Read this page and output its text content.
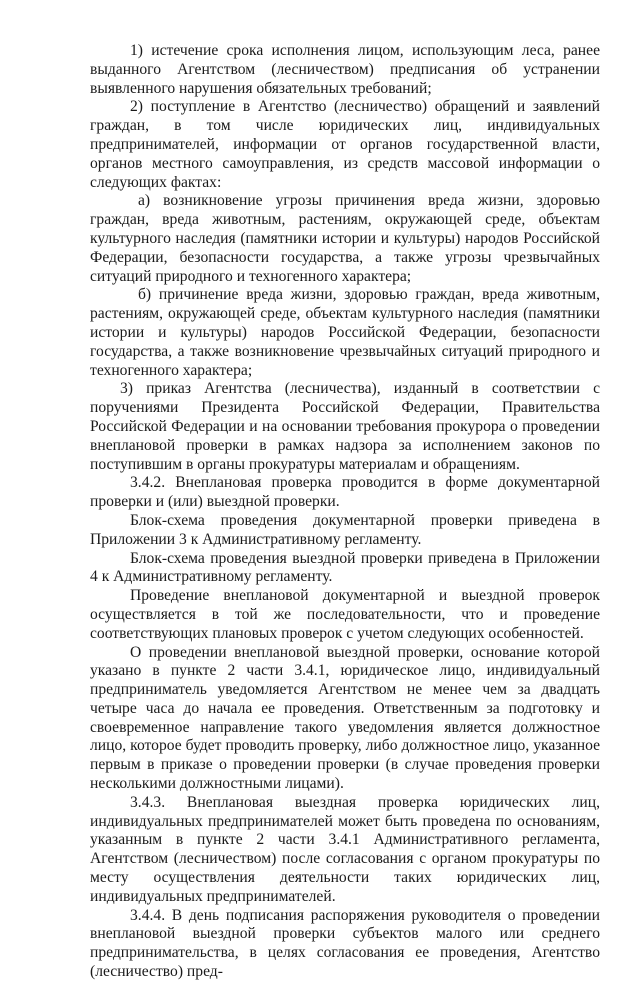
1) истечение срока исполнения лицом, использующим леса, ранее выданного Агентством (лесничеством) предписания об устранении выявленного нарушения обязательных требований;

2) поступление в Агентство (лесничество) обращений и заявлений граждан, в том числе юридических лиц, индивидуальных предпринимателей, информации от органов государственной власти, органов местного самоуправления, из средств массовой информации о следующих фактах:

а) возникновение угрозы причинения вреда жизни, здоровью граждан, вреда животным, растениям, окружающей среде, объектам культурного наследия (памятники истории и культуры) народов Российской Федерации, безопасности государства, а также угрозы чрезвычайных ситуаций природного и техногенного характера;

б) причинение вреда жизни, здоровью граждан, вреда животным, растениям, окружающей среде, объектам культурного наследия (памятники истории и культуры) народов Российской Федерации, безопасности государства, а также возникновение чрезвычайных ситуаций природного и техногенного характера;

3) приказ Агентства (лесничества), изданный в соответствии с поручениями Президента Российской Федерации, Правительства Российской Федерации и на основании требования прокурора о проведении внеплановой проверки в рамках надзора за исполнением законов по поступившим в органы прокуратуры материалам и обращениям.

3.4.2. Внеплановая проверка проводится в форме документарной проверки и (или) выездной проверки.

Блок-схема проведения документарной проверки приведена в Приложении 3 к Административному регламенту.

Блок-схема проведения выездной проверки приведена в Приложении 4 к Административному регламенту.

Проведение внеплановой документарной и выездной проверок осуществляется в той же последовательности, что и проведение соответствующих плановых проверок с учетом следующих особенностей.

О проведении внеплановой выездной проверки, основание которой указано в пункте 2 части 3.4.1, юридическое лицо, индивидуальный предприниматель уведомляется Агентством не менее чем за двадцать четыре часа до начала ее проведения. Ответственным за подготовку и своевременное направление такого уведомления является должностное лицо, которое будет проводить проверку, либо должностное лицо, указанное первым в приказе о проведении проверки (в случае проведения проверки несколькими должностными лицами).

3.4.3. Внеплановая выездная проверка юридических лиц, индивидуальных предпринимателей может быть проведена по основаниям, указанным в пункте 2 части 3.4.1 Административного регламента, Агентством (лесничеством) после согласования с органом прокуратуры по месту осуществления деятельности таких юридических лиц, индивидуальных предпринимателей.

3.4.4. В день подписания распоряжения руководителя о проведении внеплановой выездной проверки субъектов малого или среднего предпринимательства, в целях согласования ее проведения, Агентство (лесничество) пред-
